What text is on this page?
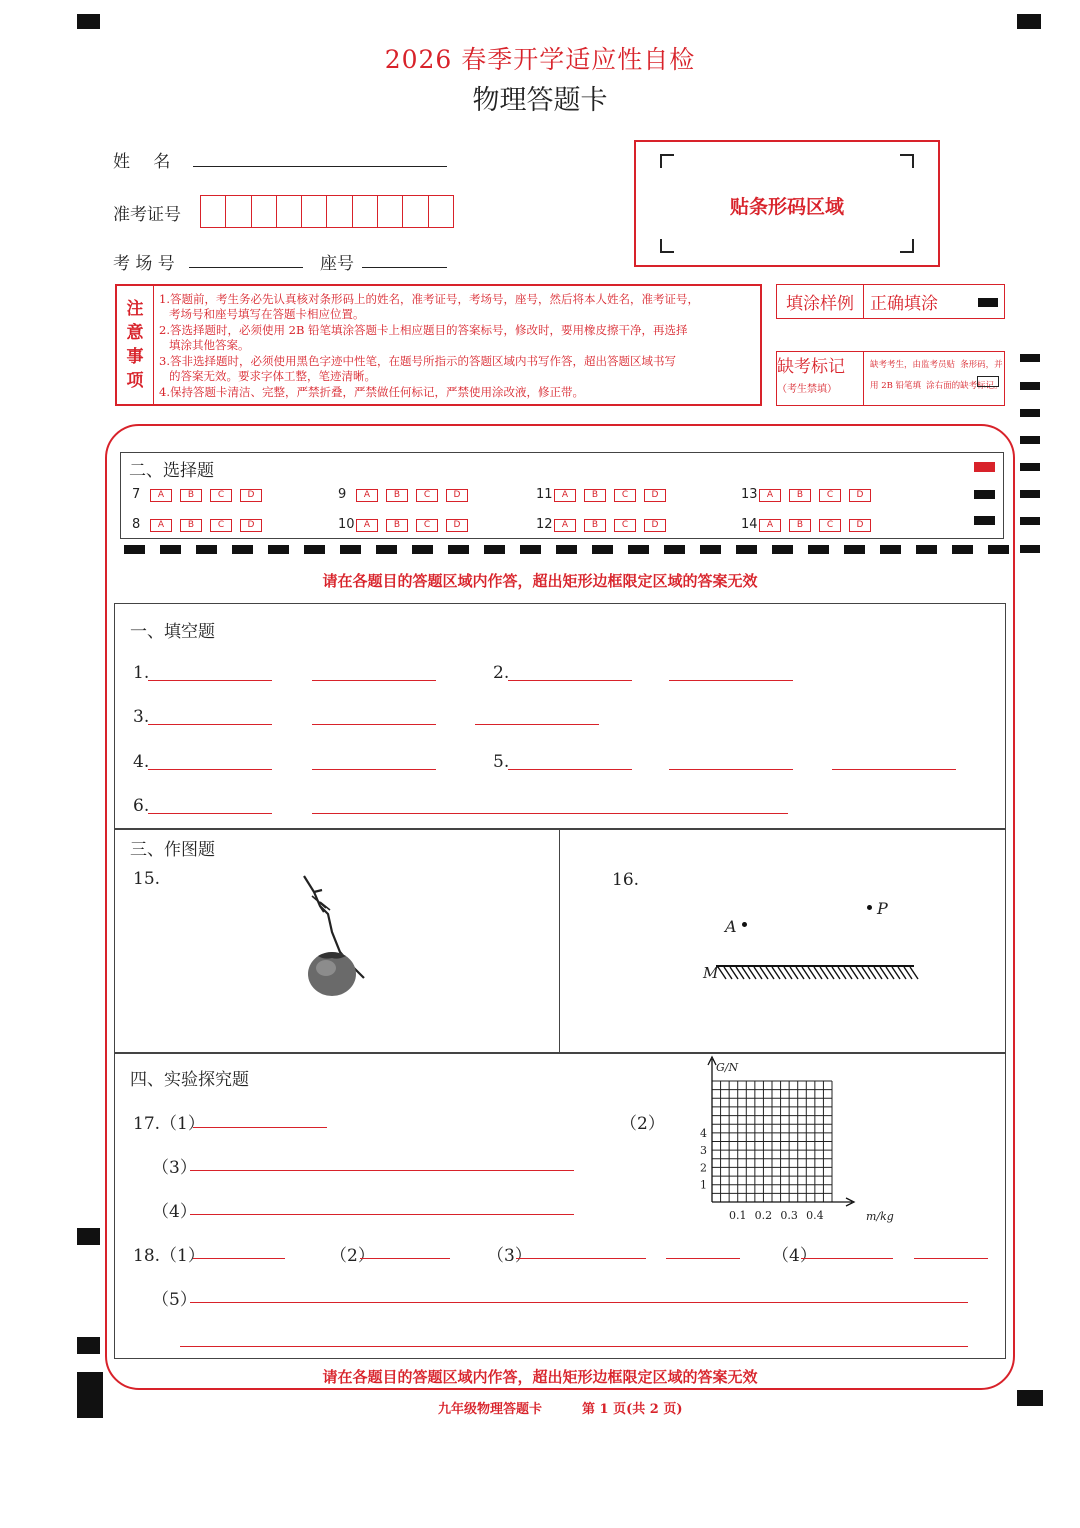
2026 春季开学适应性自检
物理答题卡
姓 名
准考证号
考 场 号	座号
贴条形码区域
注
意
事
项
1.答题前，考生务必先认真核对条形码上的姓名，准考证号，考场号，座号，然后将本人姓名，准考证号，
考场号和座号填写在答题卡相应位置。
2.答选择题时，必须使用 2B 铅笔填涂答题卡上相应题目的答案标号，修改时，要用橡皮擦干净，再选择
填涂其他答案。
3.答非选择题时，必须使用黑色字迹中性笔，在题号所指示的答题区域内书写作答，超出答题区域书写
的答案无效。要求字体工整，笔迹清晰。
4.保持答题卡清洁、完整，严禁折叠，严禁做任何标记，严禁使用涂改液，修正带。
填涂样例 正确填涂
缺考标记 （考生禁填）
缺考考生，由监考员贴 条形码，并用 2B 铅笔填 涂右面的缺考标记。
二、选择题
7	A	B	C	D
8	A	B	C	D
9	A	B	C	D
10	A	B	C	D
11	A	B	C	D
12	A	B	C	D
13	A	B	C	D
14	A	B	C	D
请在各题目的答题区域内作答，超出矩形边框限定区域的答案无效
一、填空题
1.	2.
3.
4.	5.
6.
三、作图题
15.	16.
P
A
M
四、实验探究题
17.（1）	（2）
（3）
（4）
1
2
3
4
0.1 0.2 0.3 0.4
G/N
m/kg
18.（1）	（2）	（3）	（4）
（5）
请在各题目的答题区域内作答，超出矩形边框限定区域的答案无效
九年级物理答题卡	第 1 页(共 2 页)
